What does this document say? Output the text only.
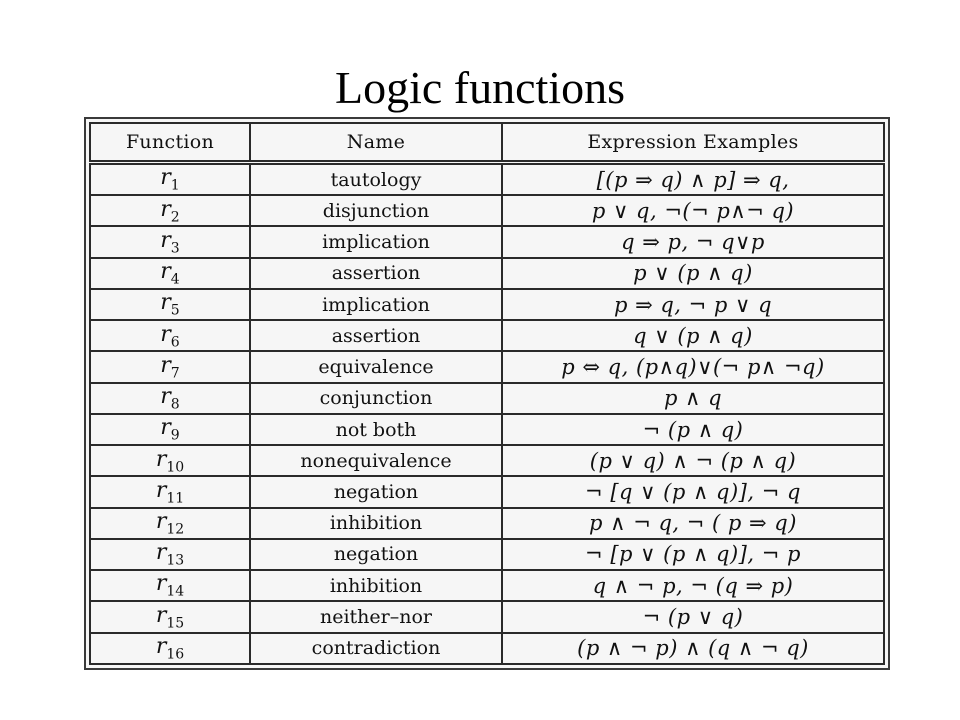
Logic functions
Function	Name	Expression Examples
$r_1$	tautology	[(p ⇒ q) ∧ p] ⇒ q,
$r_2$	disjunction	p ∨ q, ¬(¬ p∧¬ q)
$r_3$	implication	q ⇒ p, ¬ q∨p
$r_4$	assertion	p ∨ (p ∧ q)
$r_5$	implication	p ⇒ q, ¬ p ∨ q
$r_6$	assertion	q ∨ (p ∧ q)
$r_7$	equivalence	p ⇔ q, (p∧q)∨(¬ p∧ ¬q)
$r_8$	conjunction	p ∧ q
$r_9$	not both	¬ (p ∧ q)
$r_{10}$	nonequivalence	(p ∨ q) ∧ ¬ (p ∧ q)
$r_{11}$	negation	¬ [q ∨ (p ∧ q)], ¬ q
$r_{12}$	inhibition	p ∧ ¬ q, ¬ ( p ⇒ q)
$r_{13}$	negation	¬ [p ∨ (p ∧ q)], ¬ p
$r_{14}$	inhibition	q ∧ ¬ p, ¬ (q ⇒ p)
$r_{15}$	neither–nor	¬ (p ∨ q)
$r_{16}$	contradiction	(p ∧ ¬ p) ∧ (q ∧ ¬ q)
